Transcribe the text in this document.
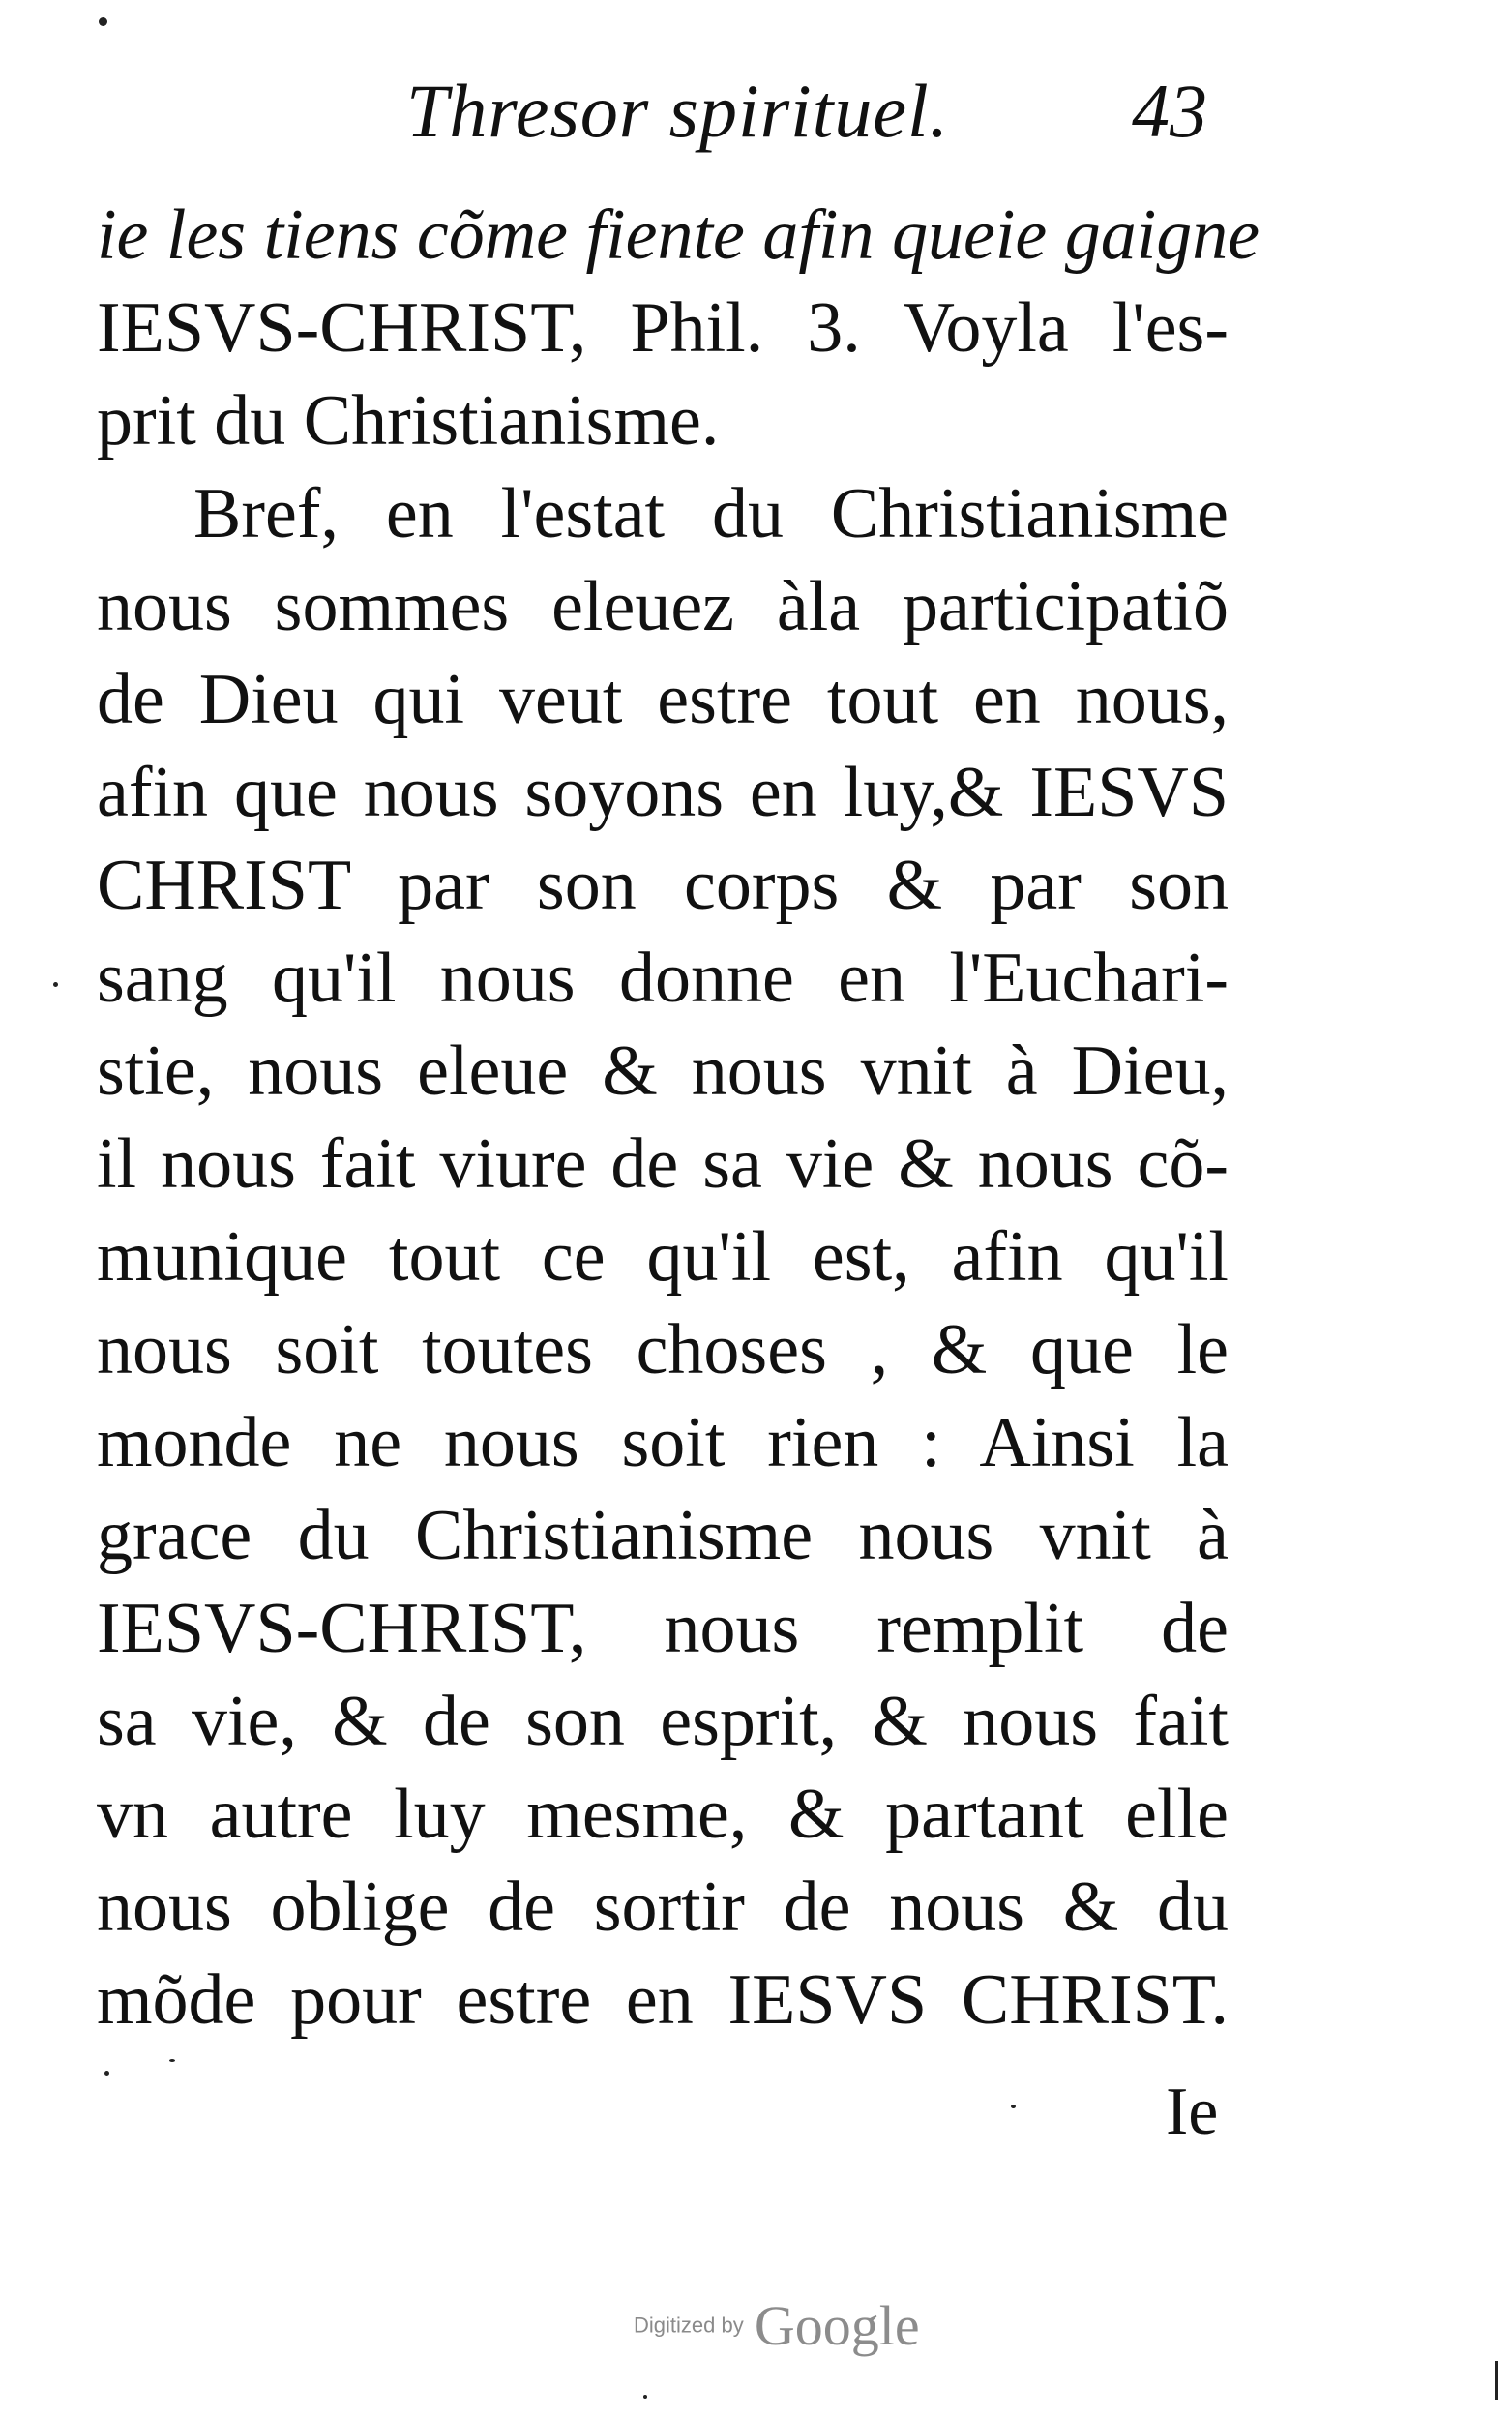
Thresor spirituel. 43
ie les tiens cõme fiente afin queie gaigne
IESVS-CHRIST, Phil. 3. Voyla l'es-
prit du Christianisme.
Bref, en l'estat du Christianisme
nous sommes eleuez àla participatiõ
de Dieu qui veut estre tout en nous,
afin que nous soyons en luy,& IESVS
CHRIST par son corps & par son
sang qu'il nous donne en l'Euchari-
stie, nous eleue & nous vnit à Dieu,
il nous fait viure de sa vie & nous cõ-
munique tout ce qu'il est, afin qu'il
nous soit toutes choses , & que le
monde ne nous soit rien : Ainsi la
grace du Christianisme nous vnit à
IESVS-CHRIST, nous remplit de
sa vie, & de son esprit, & nous fait
vn autre luy mesme, & partant elle
nous oblige de sortir de nous & du
mõde pour estre en IESVS CHRIST.
Ie
Digitized by Google
